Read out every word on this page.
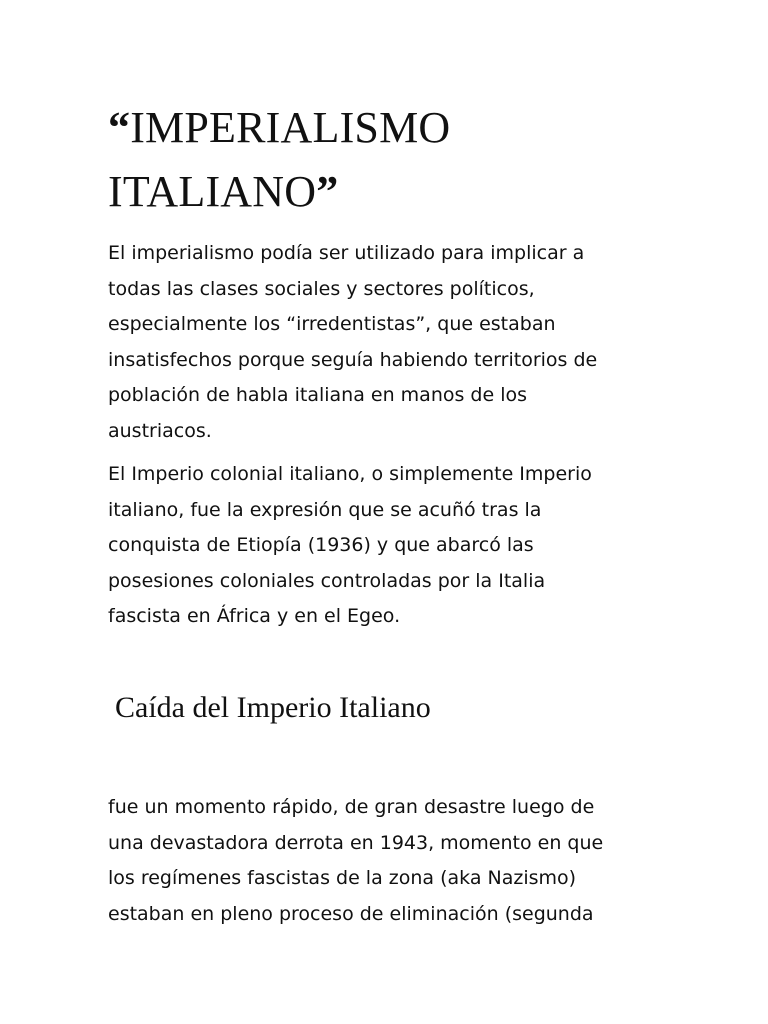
“IMPERIALISMO
ITALIANO”

El imperialismo podía ser utilizado para implicar a
todas las clases sociales y sectores políticos,
especialmente los “irredentistas”, que estaban
insatisfechos porque seguía habiendo territorios de
población de habla italiana en manos de los
austriacos.

El Imperio colonial italiano, o simplemente Imperio
italiano, fue la expresión que se acuñó tras la
conquista de Etiopía (1936) y que abarcó las
posesiones coloniales controladas por la Italia
fascista en África y en el Egeo.

Caída del Imperio Italiano

fue un momento rápido, de gran desastre luego de
una devastadora derrota en 1943, momento en que
los regímenes fascistas de la zona (aka Nazismo)
estaban en pleno proceso de eliminación (segunda
